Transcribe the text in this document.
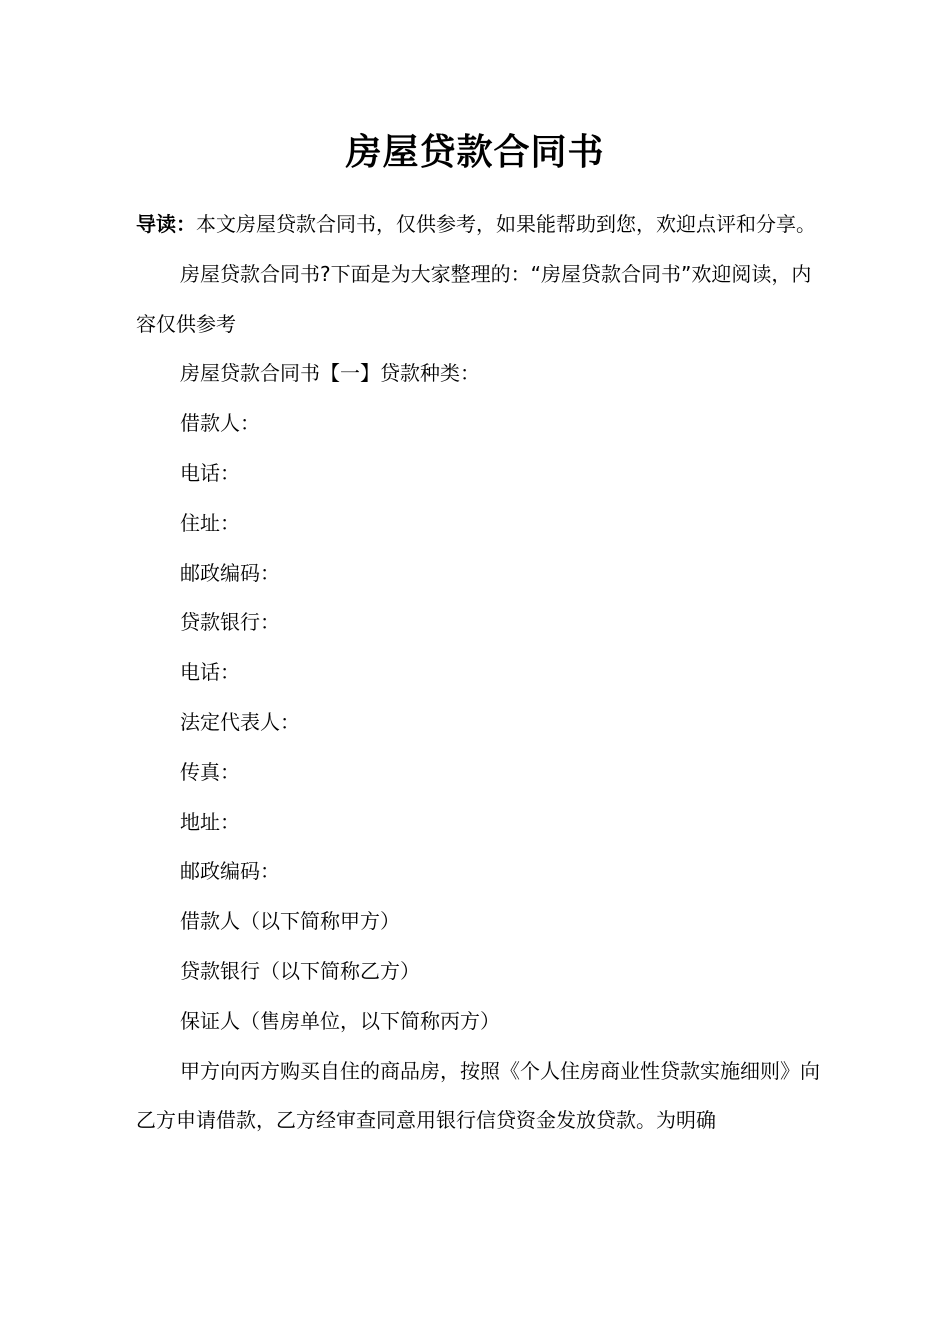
房屋贷款合同书

导读：本文房屋贷款合同书，仅供参考，如果能帮助到您，欢迎点评和分享。

房屋贷款合同书?下面是为大家整理的：“房屋贷款合同书”欢迎阅读，内容仅供参考

房屋贷款合同书【一】贷款种类：

借款人：

电话：

住址：

邮政编码：

贷款银行：

电话：

法定代表人：

传真：

地址：

邮政编码：

借款人（以下简称甲方）

贷款银行（以下简称乙方）

保证人（售房单位，以下简称丙方）

甲方向丙方购买自住的商品房，按照《个人住房商业性贷款实施细则》向乙方申请借款，乙方经审查同意用银行信贷资金发放贷款。为明确
